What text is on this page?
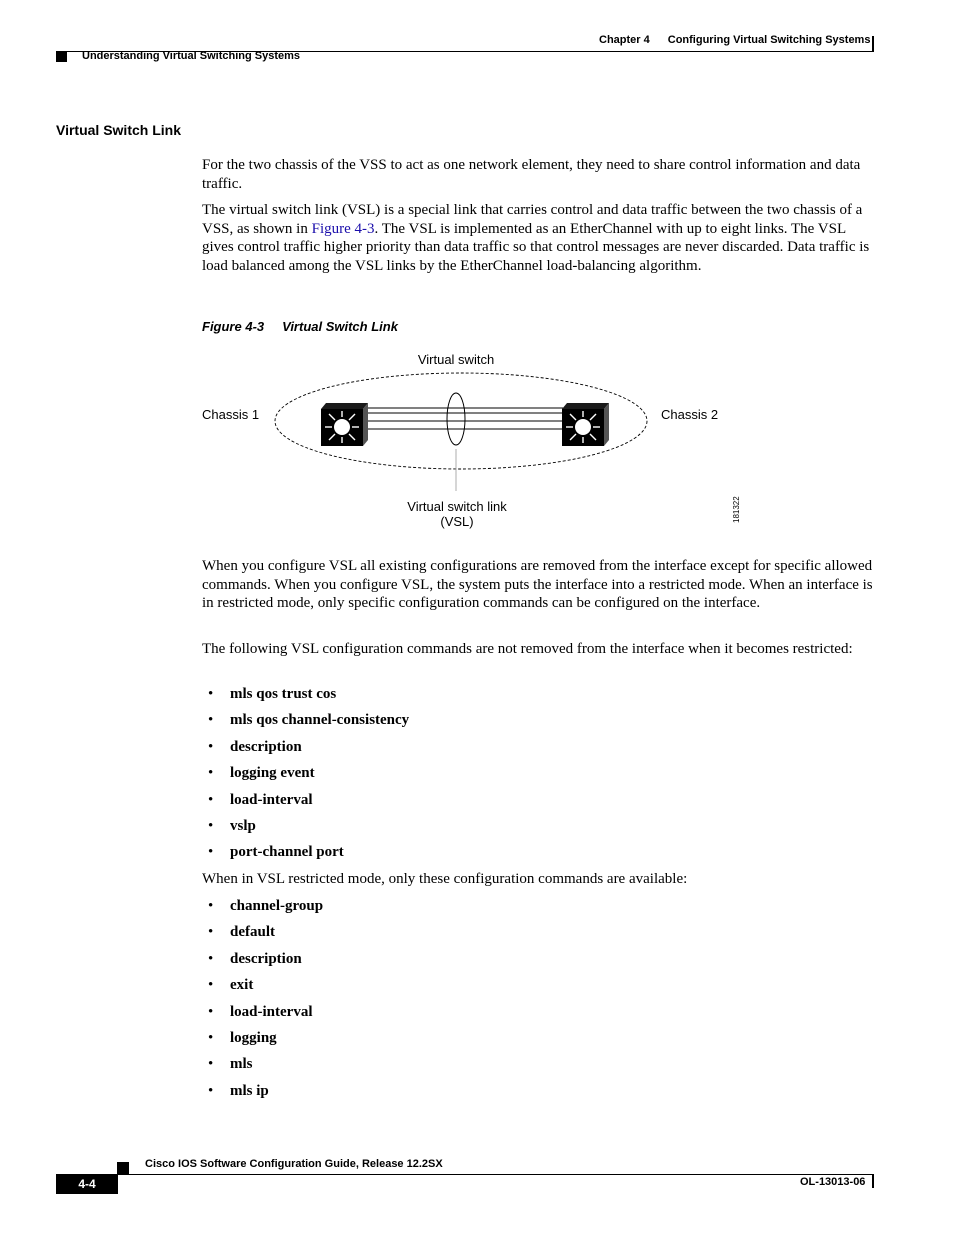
Chapter 4 Configuring Virtual Switching Systems
Understanding Virtual Switching Systems
Virtual Switch Link

For the two chassis of the VSS to act as one network element, they need to share control information and data traffic.

The virtual switch link (VSL) is a special link that carries control and data traffic between the two chassis of a VSS, as shown in Figure 4-3. The VSL is implemented as an EtherChannel with up to eight links. The VSL gives control traffic higher priority than data traffic so that control messages are never discarded. Data traffic is load balanced among the VSL links by the EtherChannel load-balancing algorithm.

Figure 4-3 Virtual Switch Link
Virtual switch
Chassis 1	Chassis 2
Virtual switch link
(VSL)	181322

When you configure VSL all existing configurations are removed from the interface except for specific allowed commands. When you configure VSL, the system puts the interface into a restricted mode. When an interface is in restricted mode, only specific configuration commands can be configured on the interface.

The following VSL configuration commands are not removed from the interface when it becomes restricted:

• mls qos trust cos
• mls qos channel-consistency
• description
• logging event
• load-interval
• vslp
• port-channel port

When in VSL restricted mode, only these configuration commands are available:

• channel-group
• default
• description
• exit
• load-interval
• logging
• mls
• mls ip
Cisco IOS Software Configuration Guide, Release 12.2SX
4-4	OL-13013-06
